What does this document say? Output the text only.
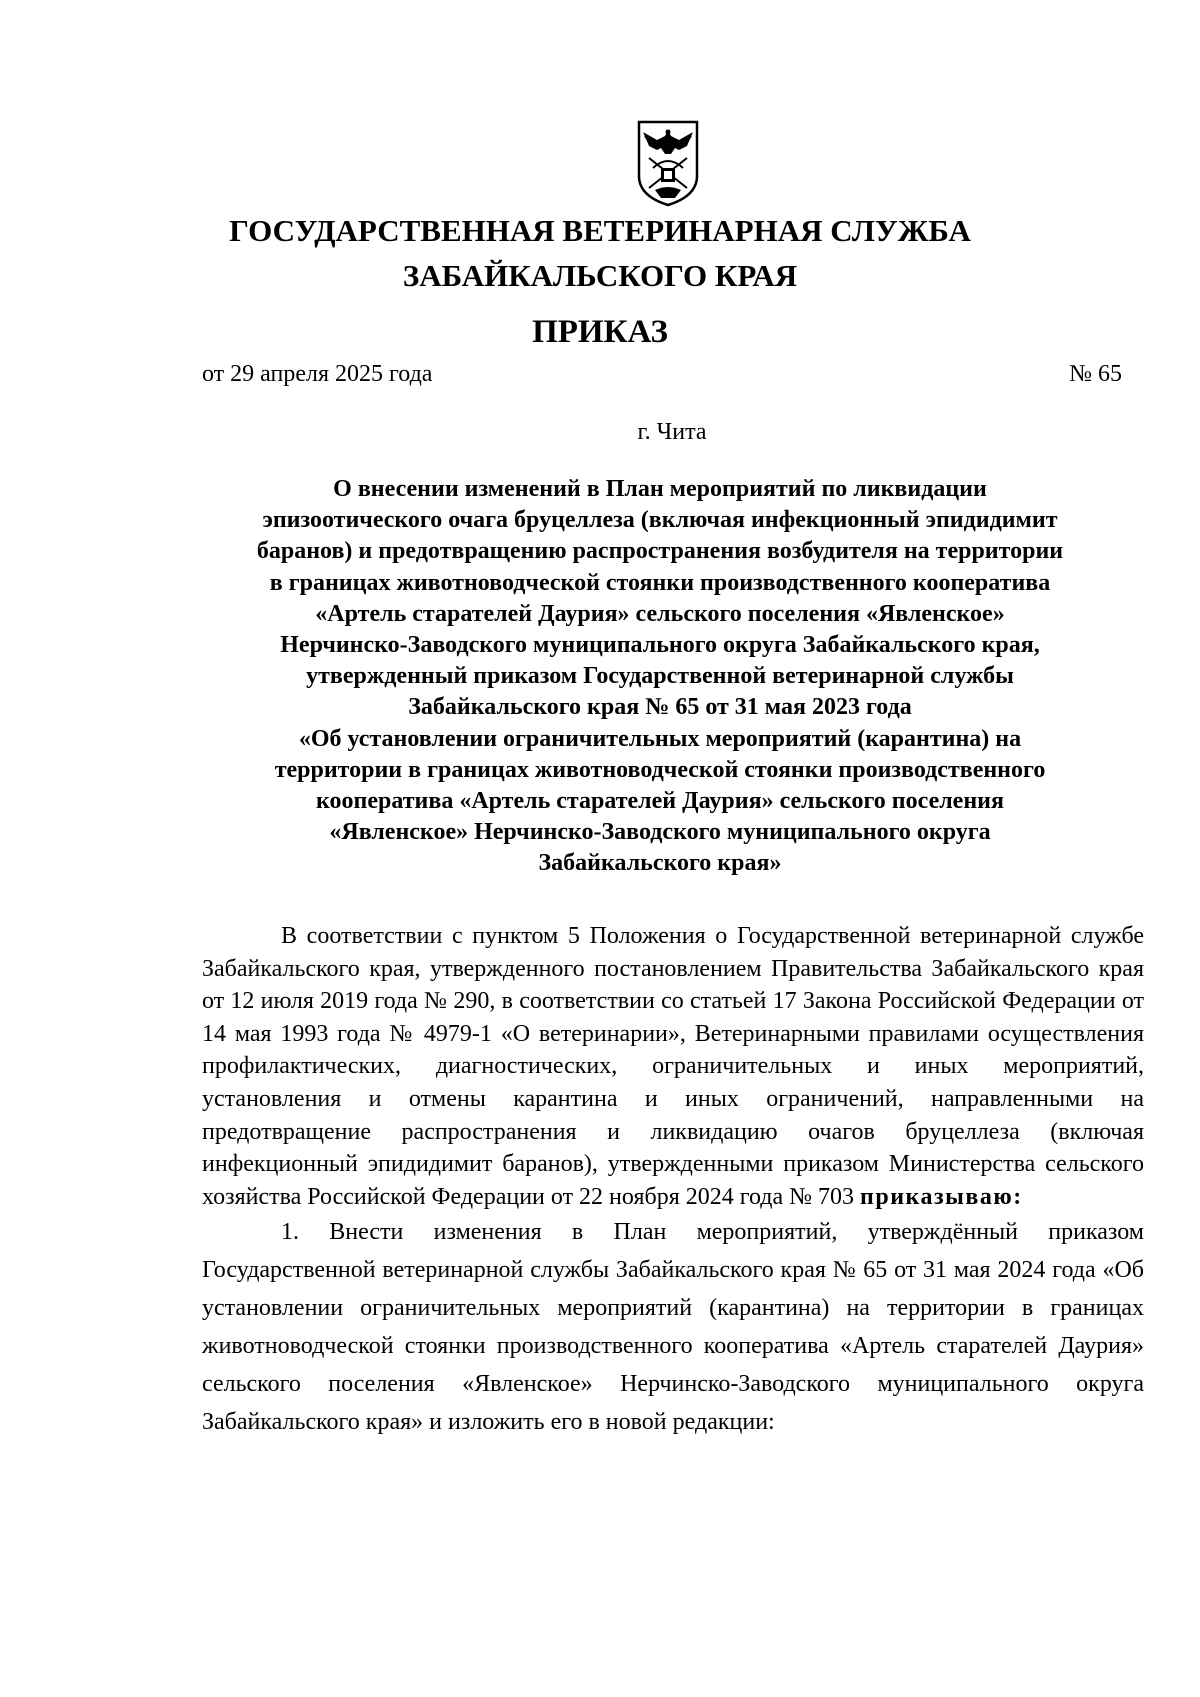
ГОСУДАРСТВЕННАЯ ВЕТЕРИНАРНАЯ СЛУЖБА
ЗАБАЙКАЛЬСКОГО КРАЯ
ПРИКАЗ
от 29 апреля 2025 года	№ 65
г. Чита
О внесении изменений в План мероприятий по ликвидации
эпизоотического очага бруцеллеза (включая инфекционный эпидидимит
баранов) и предотвращению распространения возбудителя на территории
в границах животноводческой стоянки производственного кооператива
«Артель старателей Даурия» сельского поселения «Явленское»
Нерчинско-Заводского муниципального округа Забайкальского края,
утвержденный приказом Государственной ветеринарной службы
Забайкальского края № 65 от 31 мая 2023 года
«Об установлении ограничительных мероприятий (карантина) на
территории в границах животноводческой стоянки производственного
кооператива «Артель старателей Даурия» сельского поселения
«Явленское» Нерчинско-Заводского муниципального округа
Забайкальского края»

В соответствии с пунктом 5 Положения о Государственной ветеринарной службе Забайкальского края, утвержденного постановлением Правительства Забайкальского края от 12 июля 2019 года № 290, в соответствии со статьей 17 Закона Российской Федерации от 14 мая 1993 года № 4979-1 «О ветеринарии», Ветеринарными правилами осуществления профилактических, диагностических, ограничительных и иных мероприятий, установления и отмены карантина и иных ограничений, направленными на предотвращение распространения и ликвидацию очагов бруцеллеза (включая инфекционный эпидидимит баранов), утвержденными приказом Министерства сельского хозяйства Российской Федерации от 22 ноября 2024 года № 703 приказываю:

1. Внести изменения в План мероприятий, утверждённый приказом Государственной ветеринарной службы Забайкальского края № 65 от 31 мая 2024 года «Об установлении ограничительных мероприятий (карантина) на территории в границах животноводческой стоянки производственного кооператива «Артель старателей Даурия» сельского поселения «Явленское» Нерчинско-Заводского муниципального округа Забайкальского края» и изложить его в новой редакции:
